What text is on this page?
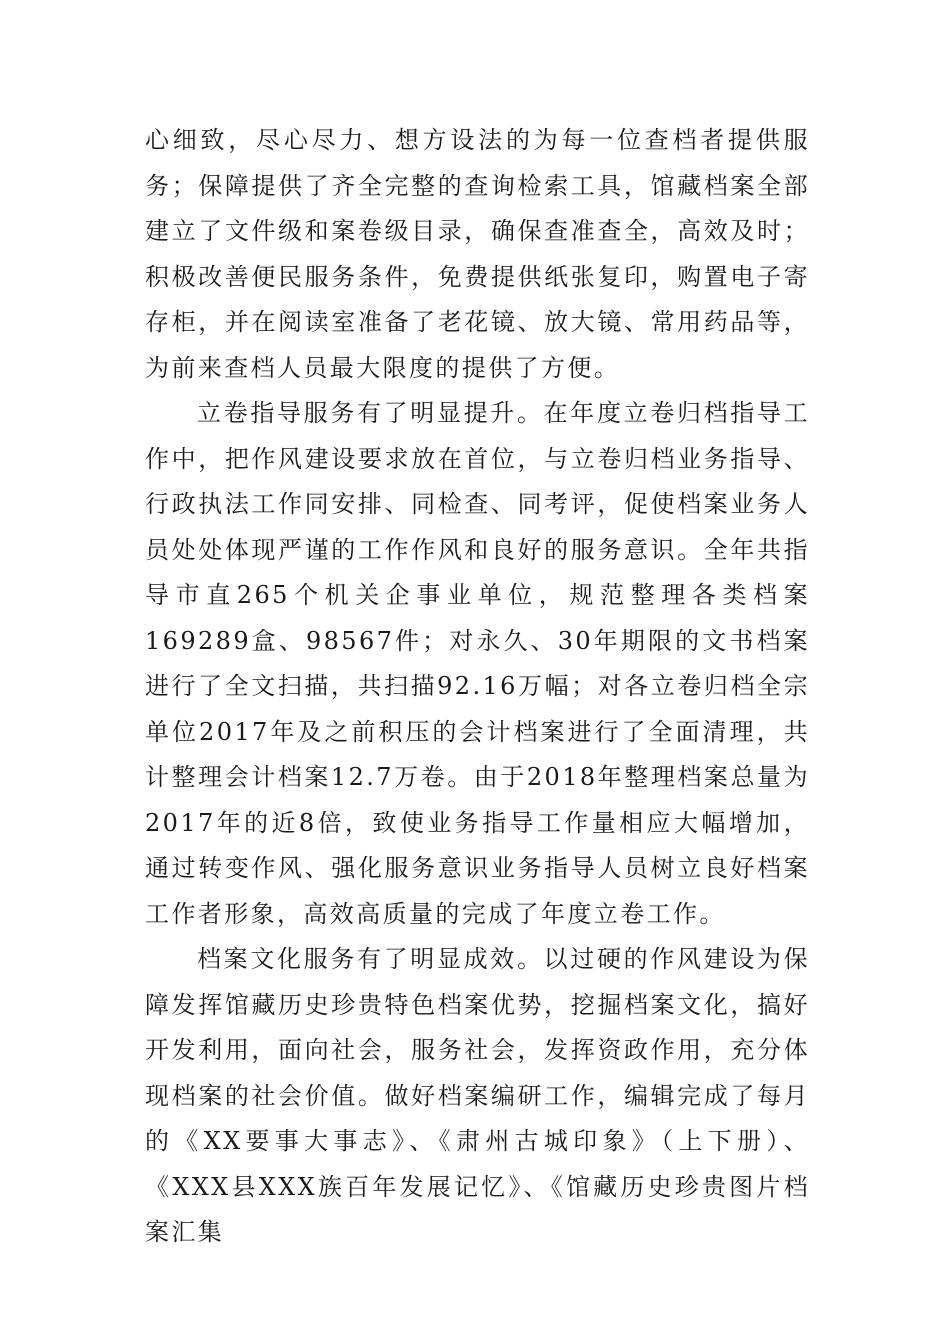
心细致，尽心尽力、想方设法的为每一位查档者提供服务；保障提供了齐全完整的查询检索工具，馆藏档案全部建立了文件级和案卷级目录，确保查准查全，高效及时；积极改善便民服务条件，免费提供纸张复印，购置电子寄存柜，并在阅读室准备了老花镜、放大镜、常用药品等，为前来查档人员最大限度的提供了方便。

立卷指导服务有了明显提升。在年度立卷归档指导工作中，把作风建设要求放在首位，与立卷归档业务指导、行政执法工作同安排、同检查、同考评，促使档案业务人员处处体现严谨的工作作风和良好的服务意识。全年共指导市直265个机关企事业单位，规范整理各类档案169289盒、98567件；对永久、30年期限的文书档案进行了全文扫描，共扫描92.16万幅；对各立卷归档全宗单位2017年及之前积压的会计档案进行了全面清理，共计整理会计档案12.7万卷。由于2018年整理档案总量为2017年的近8倍，致使业务指导工作量相应大幅增加，通过转变作风、强化服务意识业务指导人员树立良好档案工作者形象，高效高质量的完成了年度立卷工作。

档案文化服务有了明显成效。以过硬的作风建设为保障发挥馆藏历史珍贵特色档案优势，挖掘档案文化，搞好开发利用，面向社会，服务社会，发挥资政作用，充分体现档案的社会价值。做好档案编研工作，编辑完成了每月的《XX要事大事志》、《肃州古城印象》（上下册）、《XXX县XXX族百年发展记忆》、《馆藏历史珍贵图片档案汇集
